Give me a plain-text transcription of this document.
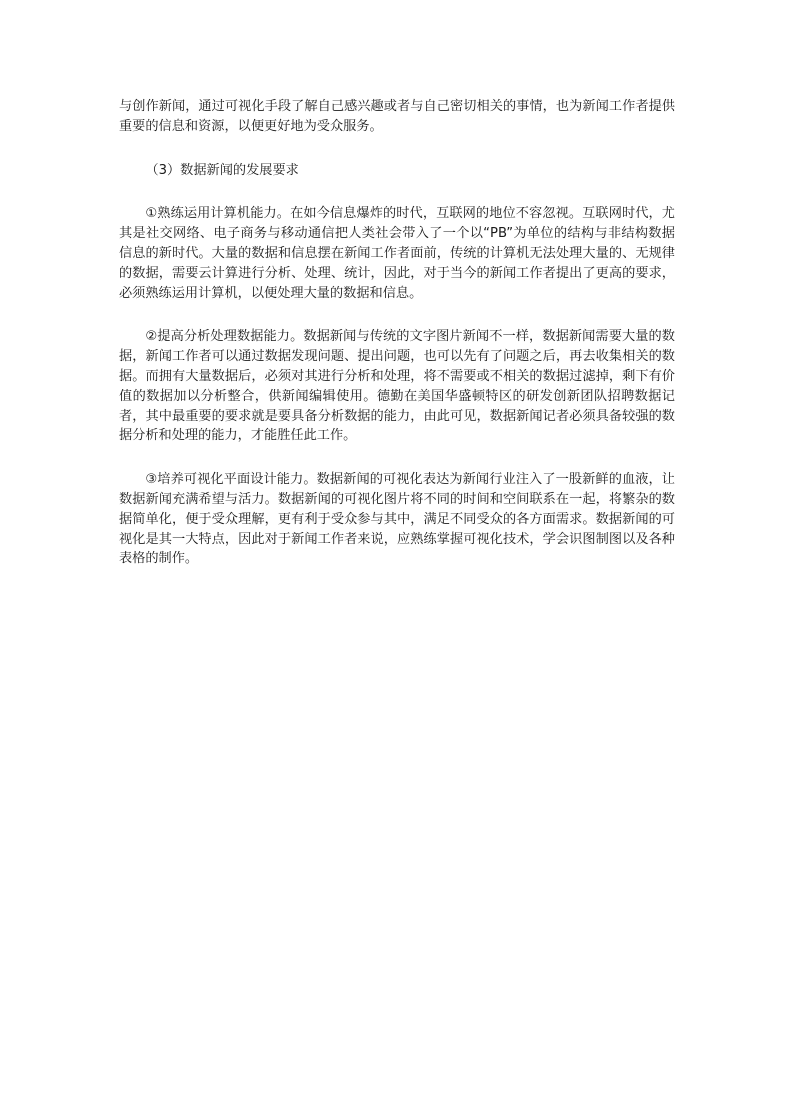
与创作新闻，通过可视化手段了解自己感兴趣或者与自己密切相关的事情，也为新闻工作者提供重要的信息和资源，以便更好地为受众服务。

（3）数据新闻的发展要求

①熟练运用计算机能力。在如今信息爆炸的时代，互联网的地位不容忽视。互联网时代，尤其是社交网络、电子商务与移动通信把人类社会带入了一个以“PB”为单位的结构与非结构数据信息的新时代。大量的数据和信息摆在新闻工作者面前，传统的计算机无法处理大量的、无规律的数据，需要云计算进行分析、处理、统计，因此，对于当今的新闻工作者提出了更高的要求，必须熟练运用计算机，以便处理大量的数据和信息。

②提高分析处理数据能力。数据新闻与传统的文字图片新闻不一样，数据新闻需要大量的数据，新闻工作者可以通过数据发现问题、提出问题，也可以先有了问题之后，再去收集相关的数据。而拥有大量数据后，必须对其进行分析和处理，将不需要或不相关的数据过滤掉，剩下有价值的数据加以分析整合，供新闻编辑使用。德勤在美国华盛顿特区的研发创新团队招聘数据记者，其中最重要的要求就是要具备分析数据的能力，由此可见，数据新闻记者必须具备较强的数据分析和处理的能力，才能胜任此工作。

③培养可视化平面设计能力。数据新闻的可视化表达为新闻行业注入了一股新鲜的血液，让数据新闻充满希望与活力。数据新闻的可视化图片将不同的时间和空间联系在一起，将繁杂的数据简单化，便于受众理解，更有利于受众参与其中，满足不同受众的各方面需求。数据新闻的可视化是其一大特点，因此对于新闻工作者来说，应熟练掌握可视化技术，学会识图制图以及各种表格的制作。
